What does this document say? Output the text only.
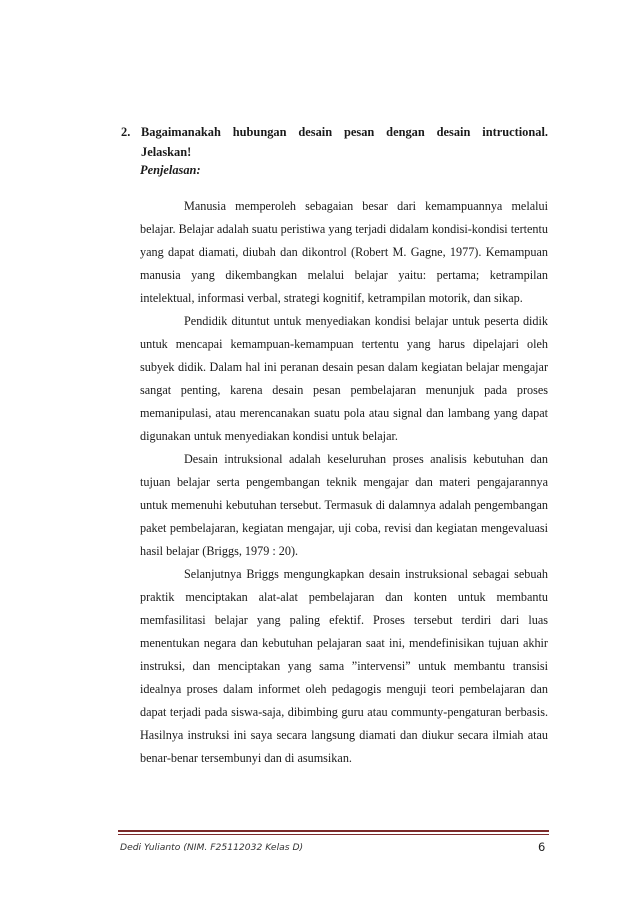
2. Bagaimanakah hubungan desain pesan dengan desain intructional.
Jelaskan!
Penjelasan:

Manusia memperoleh sebagaian besar dari kemampuannya melalui belajar. Belajar adalah suatu peristiwa yang terjadi didalam kondisi-kondisi tertentu yang dapat diamati, diubah dan dikontrol (Robert M. Gagne, 1977). Kemampuan manusia yang dikembangkan melalui belajar yaitu: pertama; ketrampilan intelektual, informasi verbal, strategi kognitif, ketrampilan motorik, dan sikap.

Pendidik dituntut untuk menyediakan kondisi belajar untuk peserta didik untuk mencapai kemampuan-kemampuan tertentu yang harus dipelajari oleh subyek didik. Dalam hal ini peranan desain pesan dalam kegiatan belajar mengajar sangat penting, karena desain pesan pembelajaran menunjuk pada proses memanipulasi, atau merencanakan suatu pola atau signal dan lambang yang dapat digunakan untuk menyediakan kondisi untuk belajar.

Desain intruksional adalah keseluruhan proses analisis kebutuhan dan tujuan belajar serta pengembangan teknik mengajar dan materi pengajarannya untuk memenuhi kebutuhan tersebut. Termasuk di dalamnya adalah pengembangan paket pembelajaran, kegiatan mengajar, uji coba, revisi dan kegiatan mengevaluasi hasil belajar (Briggs, 1979 : 20).

Selanjutnya Briggs mengungkapkan desain instruksional sebagai sebuah praktik menciptakan alat-alat pembelajaran dan konten untuk membantu memfasilitasi belajar yang paling efektif. Proses tersebut terdiri dari luas menentukan negara dan kebutuhan pelajaran saat ini, mendefinisikan tujuan akhir instruksi, dan menciptakan yang sama ”intervensi” untuk membantu transisi idealnya proses dalam informet oleh pedagogis menguji teori pembelajaran dan dapat terjadi pada siswa-saja, dibimbing guru atau communty-pengaturan berbasis. Hasilnya instruksi ini saya secara langsung diamati dan diukur secara ilmiah atau benar-benar tersembunyi dan di asumsikan.

Dedi Yulianto (NIM. F25112032 Kelas D)	6
